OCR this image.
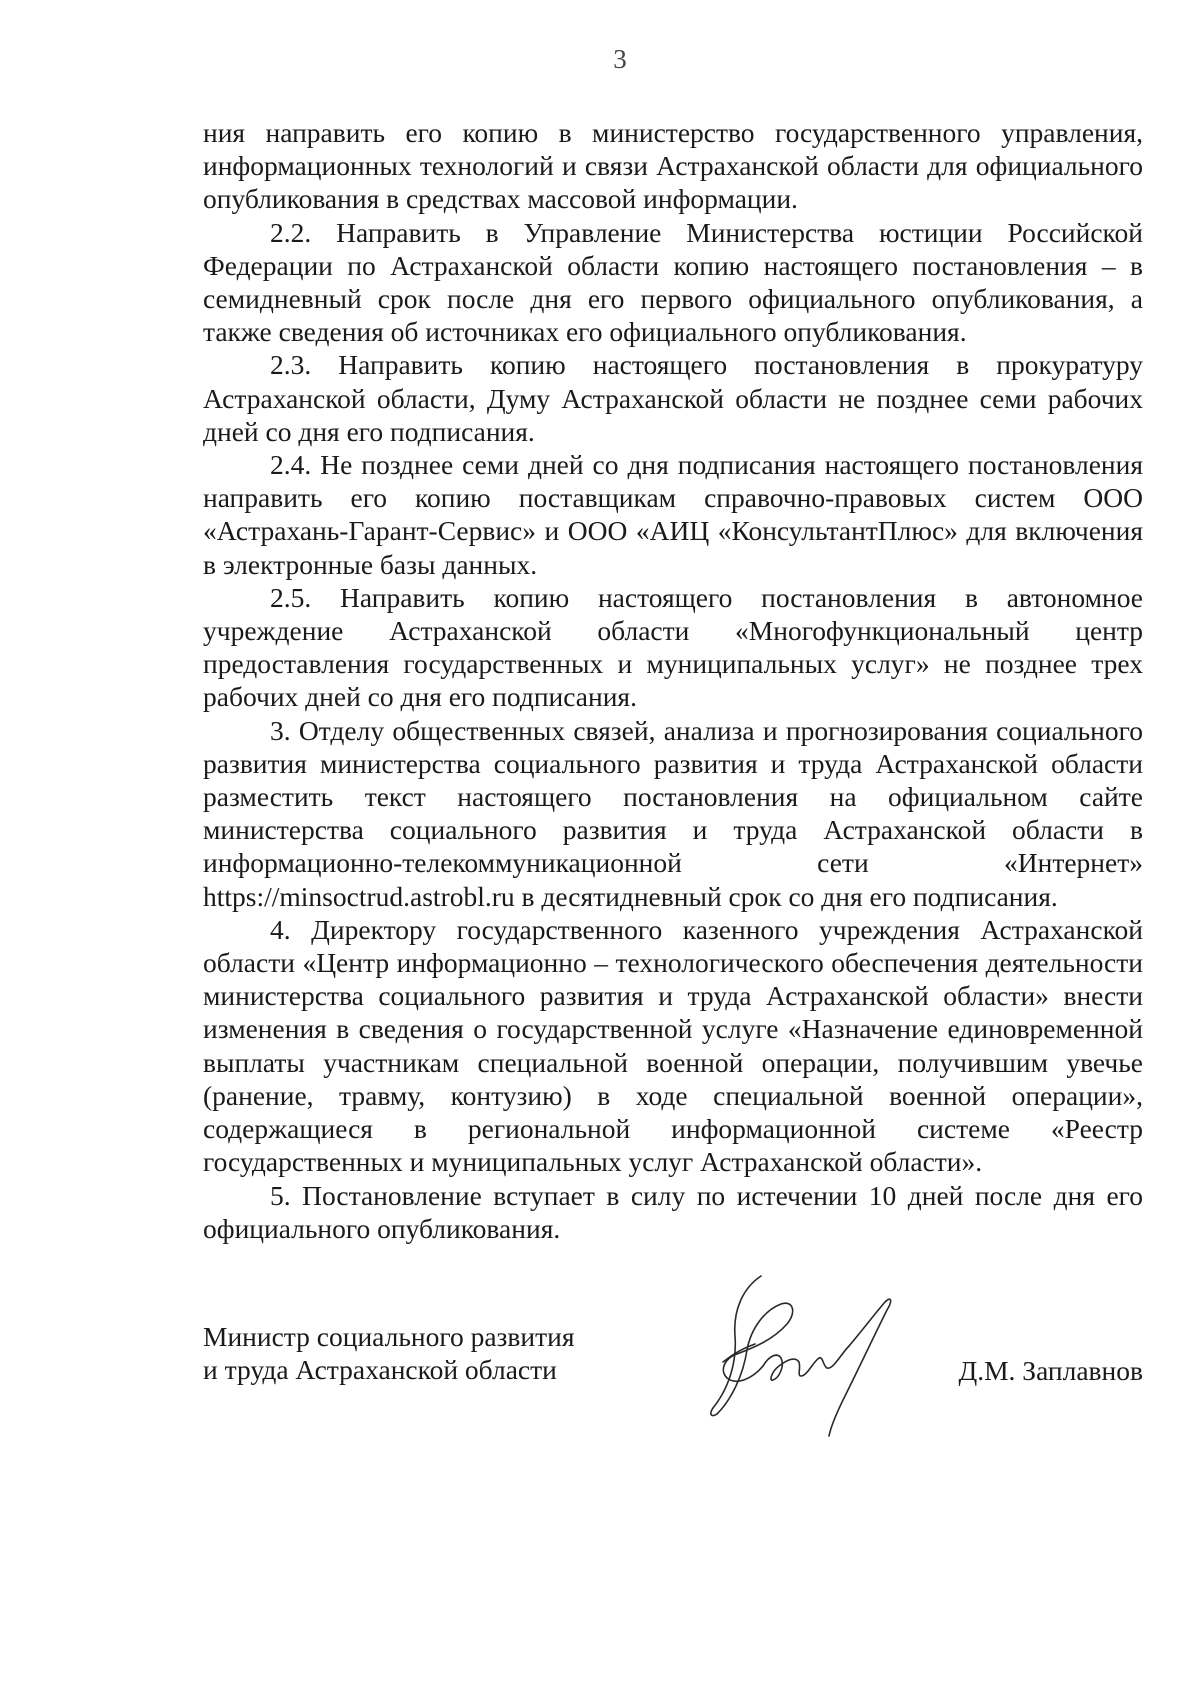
3

ния направить его копию в министерство государственного управления, информационных технологий и связи Астраханской области для официального опубликования в средствах массовой информации.

2.2. Направить в Управление Министерства юстиции Российской Федерации по Астраханской области копию настоящего постановления – в семидневный срок после дня его первого официального опубликования, а также сведения об источниках его официального опубликования.

2.3. Направить копию настоящего постановления в прокуратуру Астраханской области, Думу Астраханской области не позднее семи рабочих дней со дня его подписания.

2.4. Не позднее семи дней со дня подписания настоящего постановления направить его копию поставщикам справочно-правовых систем ООО «Астрахань-Гарант-Сервис» и ООО «АИЦ «КонсультантПлюс» для включения в электронные базы данных.

2.5. Направить копию настоящего постановления в автономное учреждение Астраханской области «Многофункциональный центр предоставления государственных и муниципальных услуг» не позднее трех рабочих дней со дня его подписания.

3. Отделу общественных связей, анализа и прогнозирования социального развития министерства социального развития и труда Астраханской области разместить текст настоящего постановления на официальном сайте министерства социального развития и труда Астраханской области в информационно-телекоммуникационной сети «Интернет» https://minsoctrud.astrobl.ru в десятидневный срок со дня его подписания.

4. Директору государственного казенного учреждения Астраханской области «Центр информационно – технологического обеспечения деятельности министерства социального развития и труда Астраханской области» внести изменения в сведения о государственной услуге «Назначение единовременной выплаты участникам специальной военной операции, получившим увечье (ранение, травму, контузию) в ходе специальной военной операции», содержащиеся в региональной информационной системе «Реестр государственных и муниципальных услуг Астраханской области».

5. Постановление вступает в силу по истечении 10 дней после дня его официального опубликования.

Министр социального развития
и труда Астраханской области	Д.М. Заплавнов
